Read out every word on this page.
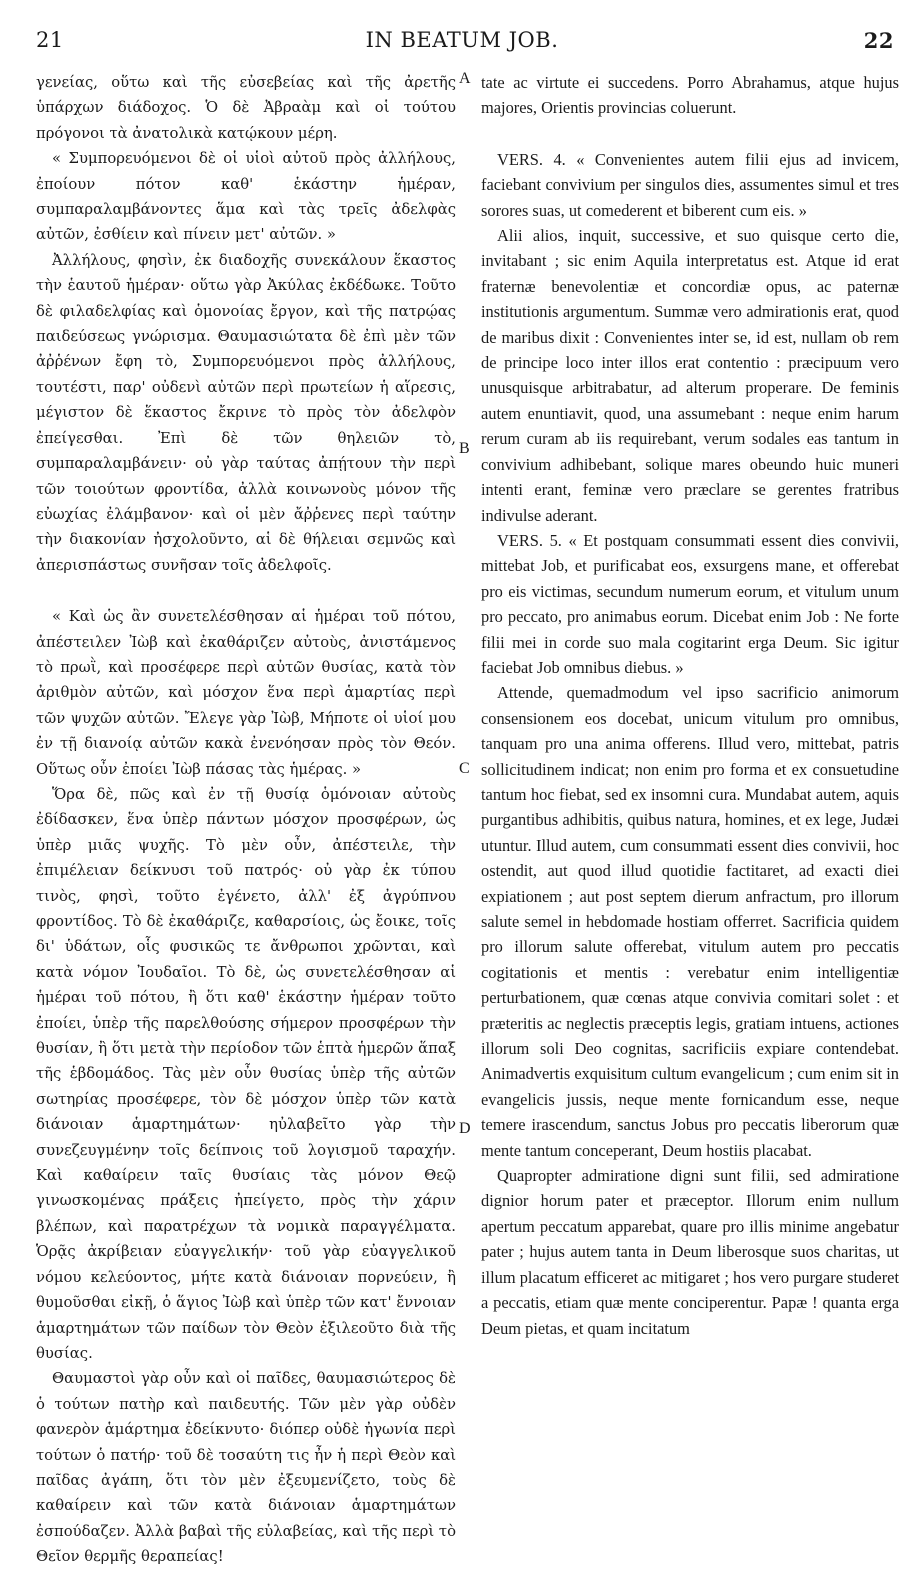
21	IN BEATUM JOB.	22

γενείας, οὕτω καὶ τῆς εὐσεβείας καὶ τῆς ἀρετῆς ὑπάρχων διάδοχος. Ὁ δὲ Ἀβραὰμ καὶ οἱ τούτου πρόγονοι τὰ ἀνατολικὰ κατῴκουν μέρη.

« Συμπορευόμενοι δὲ οἱ υἱοὶ αὐτοῦ πρὸς ἀλλήλους, ἐποίουν πότον καθ' ἑκάστην ἡμέραν, συμπαραλαμβάνοντες ἅμα καὶ τὰς τρεῖς ἀδελφὰς αὐτῶν, ἐσθίειν καὶ πίνειν μετ' αὐτῶν. »

Ἀλλήλους, φησὶν, ἐκ διαδοχῆς συνεκάλουν ἕκαστος τὴν ἑαυτοῦ ἡμέραν· οὕτω γὰρ Ἀκύλας ἐκδέδωκε. Τοῦτο δὲ φιλαδελφίας καὶ ὁμονοίας ἔργον, καὶ τῆς πατρῴας παιδεύσεως γνώρισμα. Θαυμασιώτατα δὲ ἐπὶ μὲν τῶν ἀῤῥένων ἔφη τὸ, Συμπορευόμενοι πρὸς ἀλλήλους, τουτέστι, παρ' οὐδενὶ αὐτῶν περὶ πρωτείων ἡ αἵρεσις, μέγιστον δὲ ἕκαστος ἔκρινε τὸ πρὸς τὸν ἀδελφὸν ἐπείγεσθαι. Ἐπὶ δὲ τῶν θηλειῶν τὸ, συμπαραλαμβάνειν· οὐ γὰρ ταύτας ἀπῄτουν τὴν περὶ τῶν τοιούτων φροντίδα, ἀλλὰ κοινωνοὺς μόνον τῆς εὐωχίας ἐλάμβανον· καὶ οἱ μὲν ἄῤῥενες περὶ ταύτην τὴν διακονίαν ἠσχολοῦντο, αἱ δὲ θήλειαι σεμνῶς καὶ ἀπερισπάστως συνῆσαν τοῖς ἀδελφοῖς.

« Καὶ ὡς ἂν συνετελέσθησαν αἱ ἡμέραι τοῦ πότου, ἀπέστειλεν Ἰὼβ καὶ ἐκαθάριζεν αὐτοὺς, ἀνιστάμενος τὸ πρωῒ, καὶ προσέφερε περὶ αὐτῶν θυσίας, κατὰ τὸν ἀριθμὸν αὐτῶν, καὶ μόσχον ἕνα περὶ ἁμαρτίας περὶ τῶν ψυχῶν αὐτῶν. Ἔλεγε γὰρ Ἰὼβ, Μήποτε οἱ υἱοί μου ἐν τῇ διανοίᾳ αὐτῶν κακὰ ἐνενόησαν πρὸς τὸν Θεόν. Οὕτως οὖν ἐποίει Ἰὼβ πάσας τὰς ἡμέρας. »

Ὅρα δὲ, πῶς καὶ ἐν τῇ θυσίᾳ ὁμόνοιαν αὐτοὺς ἐδίδασκεν, ἕνα ὑπὲρ πάντων μόσχον προσφέρων, ὡς ὑπὲρ μιᾶς ψυχῆς. Τὸ μὲν οὖν, ἀπέστειλε, τὴν ἐπιμέλειαν δείκνυσι τοῦ πατρός· οὐ γὰρ ἐκ τύπου τινὸς, φησὶ, τοῦτο ἐγένετο, ἀλλ' ἐξ ἀγρύπνου φροντίδος. Τὸ δὲ ἐκαθάριζε, καθαρσίοις, ὡς ἔοικε, τοῖς δι' ὑδάτων, οἷς φυσικῶς τε ἄνθρωποι χρῶνται, καὶ κατὰ νόμον Ἰουδαῖοι. Τὸ δὲ, ὡς συνετελέσθησαν αἱ ἡμέραι τοῦ πότου, ἢ ὅτι καθ' ἑκάστην ἡμέραν τοῦτο ἐποίει, ὑπὲρ τῆς παρελθούσης σήμερον προσφέρων τὴν θυσίαν, ἢ ὅτι μετὰ τὴν περίοδον τῶν ἑπτὰ ἡμερῶν ἅπαξ τῆς ἑβδομάδος. Τὰς μὲν οὖν θυσίας ὑπὲρ τῆς αὐτῶν σωτηρίας προσέφερε, τὸν δὲ μόσχον ὑπὲρ τῶν κατὰ διάνοιαν ἁμαρτημάτων· ηὐλαβεῖτο γὰρ τὴν συνεζευγμένην τοῖς δείπνοις τοῦ λογισμοῦ ταραχήν. Καὶ καθαίρειν ταῖς θυσίαις τὰς μόνον Θεῷ γινωσκομένας πράξεις ἠπείγετο, πρὸς τὴν χάριν βλέπων, καὶ παρατρέχων τὰ νομικὰ παραγγέλματα. Ὁρᾷς ἀκρίβειαν εὐαγγελικήν· τοῦ γὰρ εὐαγγελικοῦ νόμου κελεύοντος, μήτε κατὰ διάνοιαν πορνεύειν, ἢ θυμοῦσθαι εἰκῇ, ὁ ἅγιος Ἰὼβ καὶ ὑπὲρ τῶν κατ' ἔννοιαν ἁμαρτημάτων τῶν παίδων τὸν Θεὸν ἐξιλεοῦτο διὰ τῆς θυσίας.

Θαυμαστοὶ γὰρ οὖν καὶ οἱ παῖδες, θαυμασιώτερος δὲ ὁ τούτων πατὴρ καὶ παιδευτής. Τῶν μὲν γὰρ οὐδὲν φανερὸν ἁμάρτημα ἐδείκνυτο· διόπερ οὐδὲ ἠγωνία περὶ τούτων ὁ πατήρ· τοῦ δὲ τοσαύτη τις ἦν ἡ περὶ Θεὸν καὶ παῖδας ἀγάπη, ὅτι τὸν μὲν ἐξευμενίζετο, τοὺς δὲ καθαίρειν καὶ τῶν κατὰ διάνοιαν ἁμαρτημάτων ἐσπούδαζεν. Ἀλλὰ βαβαὶ τῆς εὐλαβείας, καὶ τῆς περὶ τὸ Θεῖον θερμῆς θεραπείας!

tate ac virtute ei succedens. Porro Abrahamus, atque hujus majores, Orientis provincias coluerunt.

VERS. 4. « Convenientes autem filii ejus ad invicem, faciebant convivium per singulos dies, assumentes simul et tres sorores suas, ut comederent et biberent cum eis. »

Alii alios, inquit, successive, et suo quisque certo die, invitabant ; sic enim Aquila interpretatus est. Atque id erat fraternæ benevolentiæ et concordiæ opus, ac paternæ institutionis argumentum. Summæ vero admirationis erat, quod de maribus dixit : Convenientes inter se, id est, nullam ob rem de principe loco inter illos erat contentio : præcipuum vero unusquisque arbitrabatur, ad alterum properare. De feminis autem enuntiavit, quod, una assumebant : neque enim harum rerum curam ab iis requirebant, verum sodales eas tantum in convivium adhibebant, solique mares obeundo huic muneri intenti erant, feminæ vero præclare se gerentes fratribus indivulse aderant.

VERS. 5. « Et postquam consummati essent dies convivii, mittebat Job, et purificabat eos, exsurgens mane, et offerebat pro eis victimas, secundum numerum eorum, et vitulum unum pro peccato, pro animabus eorum. Dicebat enim Job : Ne forte filii mei in corde suo mala cogitarint erga Deum. Sic igitur faciebat Job omnibus diebus. »

Attende, quemadmodum vel ipso sacrificio animorum consensionem eos docebat, unicum vitulum pro omnibus, tanquam pro una anima offerens. Illud vero, mittebat, patris sollicitudinem indicat; non enim pro forma et ex consuetudine tantum hoc fiebat, sed ex insomni cura. Mundabat autem, aquis purgantibus adhibitis, quibus natura, homines, et ex lege, Judæi utuntur. Illud autem, cum consummati essent dies convivii, hoc ostendit, aut quod illud quotidie factitaret, ad exacti diei expiationem ; aut post septem dierum anfractum, pro illorum salute semel in hebdomade hostiam offerret. Sacrificia quidem pro illorum salute offerebat, vitulum autem pro peccatis cogitationis et mentis : verebatur enim intelligentiæ perturbationem, quæ cœnas atque convivia comitari solet : et præteritis ac neglectis præceptis legis, gratiam intuens, actiones illorum soli Deo cognitas, sacrificiis expiare contendebat. Animadvertis exquisitum cultum evangelicum ; cum enim sit in evangelicis jussis, neque mente fornicandum esse, neque temere irascendum, sanctus Jobus pro peccatis liberorum quæ mente tantum conceperant, Deum hostiis placabat.

Quapropter admiratione digni sunt filii, sed admiratione dignior horum pater et præceptor. Illorum enim nullum apertum peccatum apparebat, quare pro illis minime angebatur pater ; hujus autem tanta in Deum liberosque suos charitas, ut illum placatum efficeret ac mitigaret ; hos vero purgare studeret a peccatis, etiam quæ mente conciperentur. Papæ ! quanta erga Deum pietas, et quam incitatum

A
B
C
D
